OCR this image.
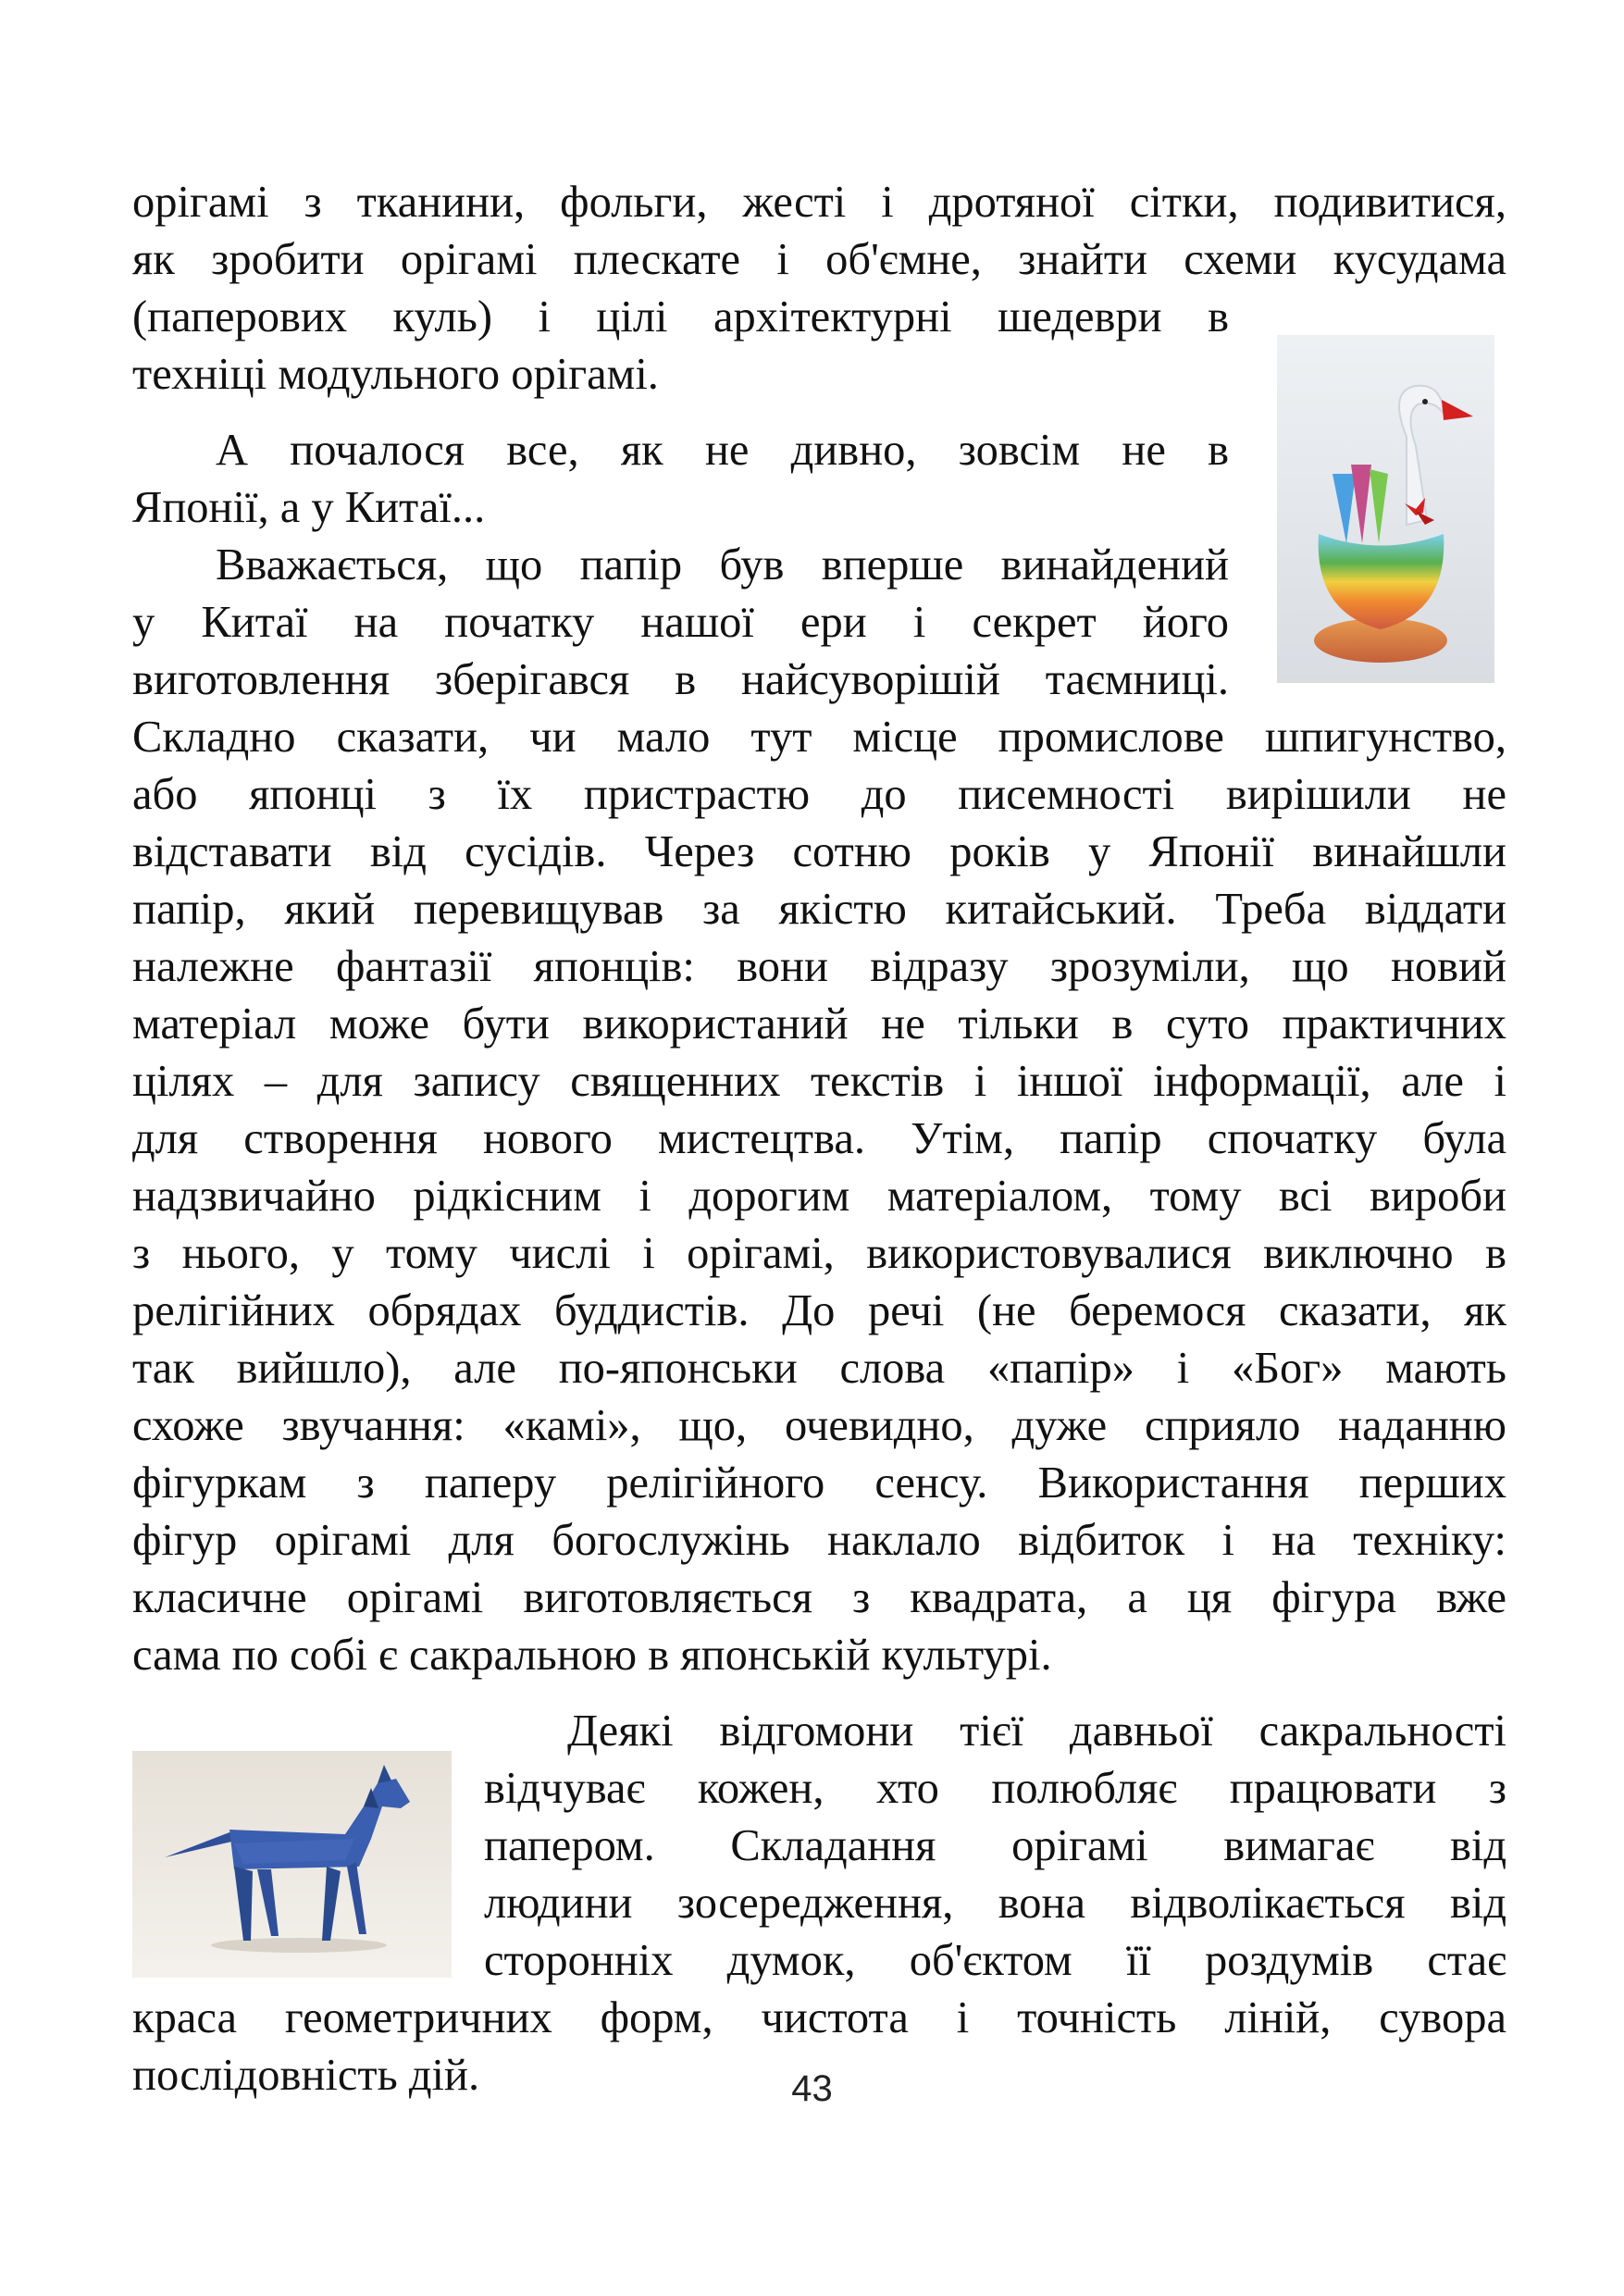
орігамі з тканини, фольги, жесті і дротяної сітки, подивитися,
як зробити орігамі плескате і об'ємне, знайти схеми кусудама
(паперових куль) і цілі архітектурні шедеври в
техніці модульного орігамі.
А почалося все, як не дивно, зовсім не в
Японії, а у Китаї...
Вважається, що папір був вперше винайдений
у Китаї на початку нашої ери і секрет його
виготовлення зберігався в найсуворішій таємниці.
Складно сказати, чи мало тут місце промислове шпигунство,
або японці з їх пристрастю до писемності вирішили не
відставати від сусідів. Через сотню років у Японії винайшли
папір, який перевищував за якістю китайський. Треба віддати
належне фантазії японців: вони відразу зрозуміли, що новий
матеріал може бути використаний не тільки в суто практичних
цілях – для запису священних текстів і іншої інформації, але і
для створення нового мистецтва. Утім, папір спочатку була
надзвичайно рідкісним і дорогим матеріалом, тому всі вироби
з нього, у тому числі і орігамі, використовувалися виключно в
релігійних обрядах буддистів. До речі (не беремося сказати, як
так вийшло), але по-японськи слова «папір» і «Бог» мають
схоже звучання: «камі», що, очевидно, дуже сприяло наданню
фігуркам з паперу релігійного сенсу. Використання перших
фігур орігамі для богослужінь наклало відбиток і на техніку:
класичне орігамі виготовляється з квадрата, а ця фігура вже
сама по собі є сакральною в японській культурі.
Деякі відгомони тієї давньої сакральності
відчуває кожен, хто полюбляє працювати з
папером. Складання орігамі вимагає від
людини зосередження, вона відволікається від
сторонніх думок, об'єктом її роздумів стає
краса геометричних форм, чистота і точність ліній, сувора
послідовність дій.	43
